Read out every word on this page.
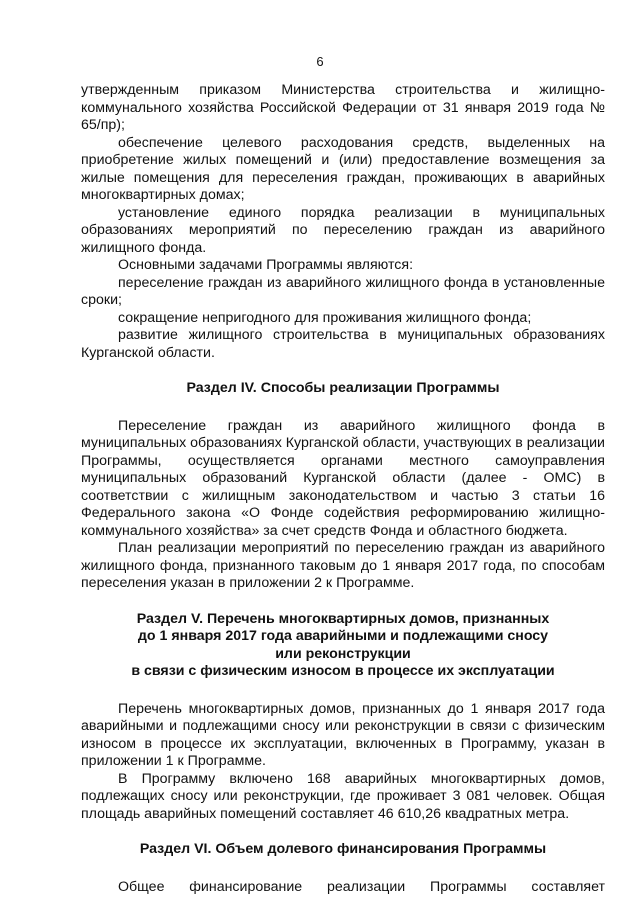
6

утвержденным приказом Министерства строительства и жилищно-коммунального хозяйства Российской Федерации от 31 января 2019 года № 65/пр);

обеспечение целевого расходования средств, выделенных на приобретение жилых помещений и (или) предоставление возмещения за жилые помещения для переселения граждан, проживающих в аварийных многоквартирных домах;

установление единого порядка реализации в муниципальных образованиях мероприятий по переселению граждан из аварийного жилищного фонда.

Основными задачами Программы являются:

переселение граждан из аварийного жилищного фонда в установленные сроки;

сокращение непригодного для проживания жилищного фонда;

развитие жилищного строительства в муниципальных образованиях Курганской области.

Раздел IV. Способы реализации Программы

Переселение граждан из аварийного жилищного фонда в муниципальных образованиях Курганской области, участвующих в реализации Программы, осуществляется органами местного самоуправления муниципальных образований Курганской области (далее - ОМС) в соответствии с жилищным законодательством и частью 3 статьи 16 Федерального закона «О Фонде содействия реформированию жилищно-коммунального хозяйства» за счет средств Фонда и областного бюджета.

План реализации мероприятий по переселению граждан из аварийного жилищного фонда, признанного таковым до 1 января 2017 года, по способам переселения указан в приложении 2 к Программе.

Раздел V. Перечень многоквартирных домов, признанных
до 1 января 2017 года аварийными и подлежащими сносу
или реконструкции
в связи с физическим износом в процессе их эксплуатации

Перечень многоквартирных домов, признанных до 1 января 2017 года аварийными и подлежащими сносу или реконструкции в связи с физическим износом в процессе их эксплуатации, включенных в Программу, указан в приложении 1 к Программе.

В Программу включено 168 аварийных многоквартирных домов, подлежащих сносу или реконструкции, где проживает 3 081 человек. Общая площадь аварийных помещений составляет 46 610,26 квадратных метра.

Раздел VI. Объем долевого финансирования Программы

Общее финансирование реализации Программы составляет
